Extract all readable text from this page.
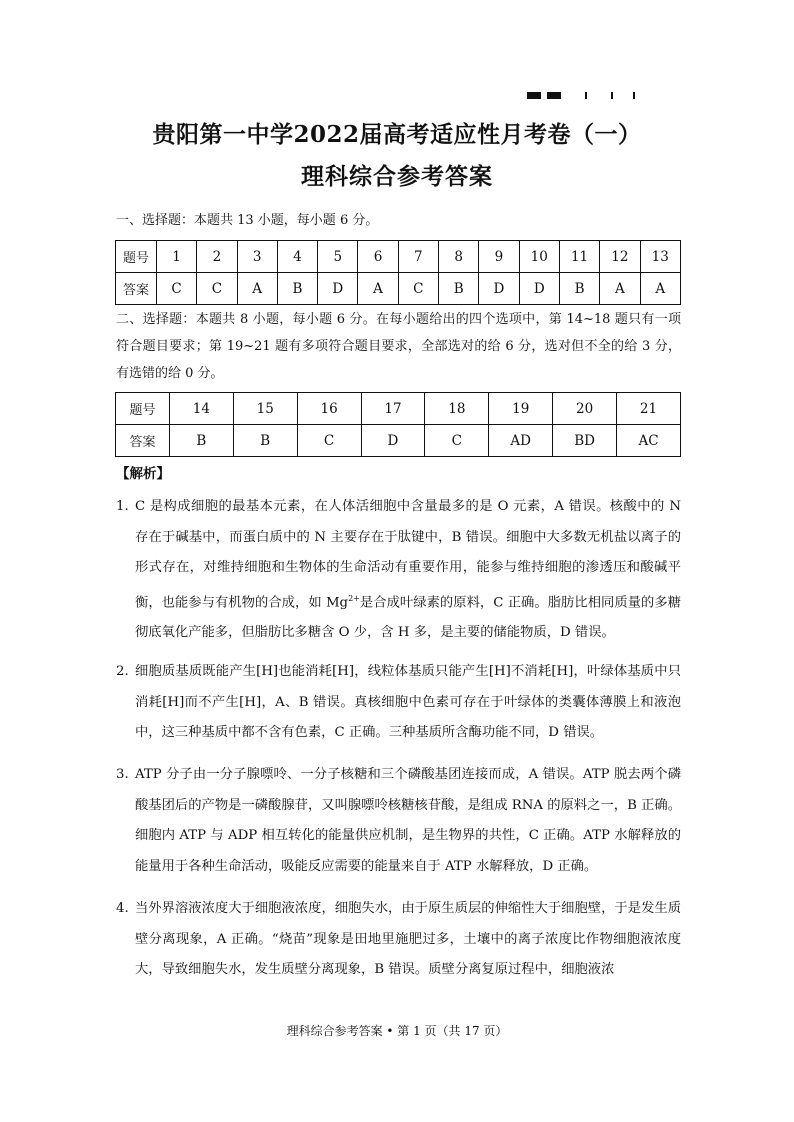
贵阳第一中学2022届高考适应性月考卷（一）
理科综合参考答案
一、选择题：本题共 13 小题，每小题 6 分。
题号	1	2	3	4	5	6	7	8	9	10	11	12	13
答案	C	C	A	B	D	A	C	B	D	D	B	A	A
二、选择题：本题共 8 小题，每小题 6 分。在每小题给出的四个选项中，第 14~18 题只有一项符合题目要求；第 19~21 题有多项符合题目要求，全部选对的给 6 分，选对但不全的给 3 分，有选错的给 0 分。
题号	14	15	16	17	18	19	20	21
答案	B	B	C	D	C	AD	BD	AC
【解析】
1. C 是构成细胞的最基本元素，在人体活细胞中含量最多的是 O 元素，A 错误。核酸中的 N 存在于碱基中，而蛋白质中的 N 主要存在于肽键中，B 错误。细胞中大多数无机盐以离子的形式存在，对维持细胞和生物体的生命活动有重要作用，能参与维持细胞的渗透压和酸碱平衡，也能参与有机物的合成，如 $Mg^{2+}$是合成叶绿素的原料，C 正确。脂肪比相同质量的多糖彻底氧化产能多，但脂肪比多糖含 O 少，含 H 多，是主要的储能物质，D 错误。
2. 细胞质基质既能产生[H]也能消耗[H]，线粒体基质只能产生[H]不消耗[H]，叶绿体基质中只消耗[H]而不产生[H]，A、B 错误。真核细胞中色素可存在于叶绿体的类囊体薄膜上和液泡中，这三种基质中都不含有色素，C 正确。三种基质所含酶功能不同，D 错误。
3. ATP 分子由一分子腺嘌呤、一分子核糖和三个磷酸基团连接而成，A 错误。ATP 脱去两个磷酸基团后的产物是一磷酸腺苷，又叫腺嘌呤核糖核苷酸，是组成 RNA 的原料之一，B 正确。细胞内 ATP 与 ADP 相互转化的能量供应机制，是生物界的共性，C 正确。ATP 水解释放的能量用于各种生命活动，吸能反应需要的能量来自于 ATP 水解释放，D 正确。
4. 当外界溶液浓度大于细胞液浓度，细胞失水，由于原生质层的伸缩性大于细胞壁，于是发生质壁分离现象，A 正确。“烧苗”现象是田地里施肥过多，土壤中的离子浓度比作物细胞液浓度大，导致细胞失水，发生质壁分离现象，B 错误。质壁分离复原过程中，细胞液浓
理科综合参考答案 • 第 1 页（共 17 页）
